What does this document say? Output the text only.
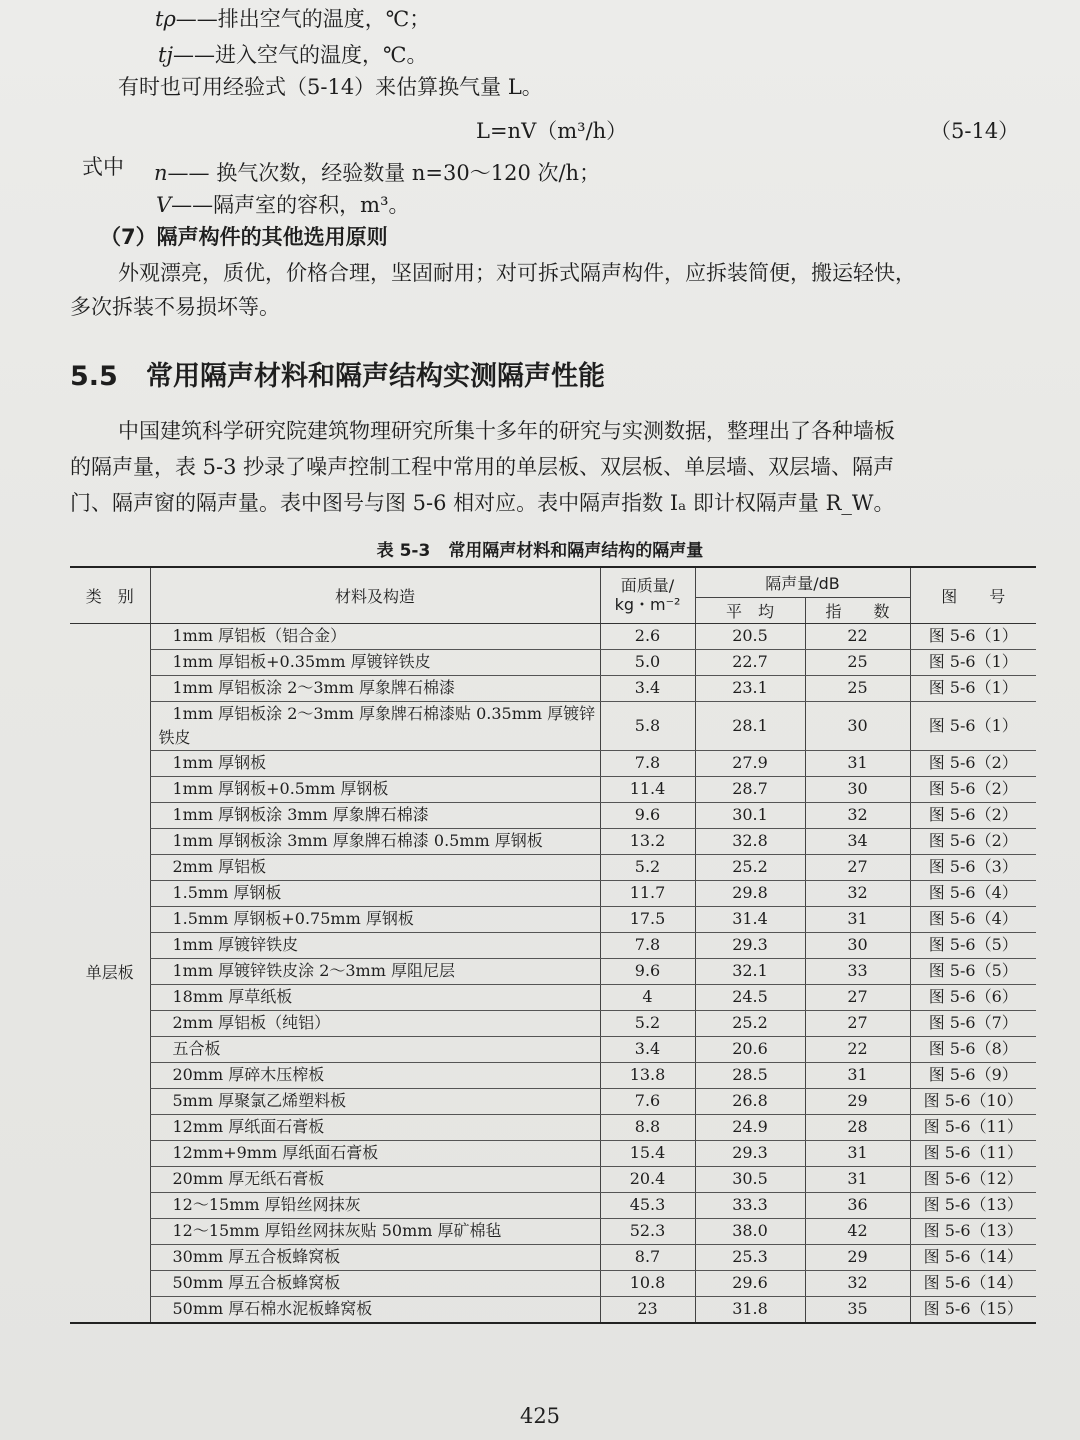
tρ——排出空气的温度，℃；
tj——进入空气的温度，℃。
有时也可用经验式（5-14）来估算换气量 L。
L=nV（m³/h）	（5-14）
式中 n—— 换气次数，经验数量 n=30～120 次/h；
V——隔声室的容积，m³。
（7）隔声构件的其他选用原则
外观漂亮，质优，价格合理，坚固耐用；对可拆式隔声构件，应拆装简便，搬运轻快，
多次拆装不易损坏等。
5.5 常用隔声材料和隔声结构实测隔声性能
中国建筑科学研究院建筑物理研究所集十多年的研究与实测数据，整理出了各种墙板
的隔声量，表 5-3 抄录了噪声控制工程中常用的单层板、双层板、单层墙、双层墙、隔声
门、隔声窗的隔声量。表中图号与图 5-6 相对应。表中隔声指数 Iₐ 即计权隔声量 R_W。
表 5-3 常用隔声材料和隔声结构的隔声量
类　别	材料及构造	面质量/
kg・m⁻²	隔声量/dB		图　　号
			平　均	指　　数	
单层板	1mm 厚铝板（铝合金）	2.6	20.5	22	图 5-6（1）
	1mm 厚铝板+0.35mm 厚镀锌铁皮	5.0	22.7	25	图 5-6（1）
	1mm 厚铝板涂 2～3mm 厚象牌石棉漆	3.4	23.1	25	图 5-6（1）
	1mm 厚铝板涂 2～3mm 厚象牌石棉漆贴 0.35mm 厚镀锌铁皮	5.8	28.1	30	图 5-6（1）
	1mm 厚钢板	7.8	27.9	31	图 5-6（2）
	1mm 厚钢板+0.5mm 厚钢板	11.4	28.7	30	图 5-6（2）
	1mm 厚钢板涂 3mm 厚象牌石棉漆	9.6	30.1	32	图 5-6（2）
	1mm 厚钢板涂 3mm 厚象牌石棉漆 0.5mm 厚钢板	13.2	32.8	34	图 5-6（2）
	2mm 厚铝板	5.2	25.2	27	图 5-6（3）
	1.5mm 厚钢板	11.7	29.8	32	图 5-6（4）
	1.5mm 厚钢板+0.75mm 厚钢板	17.5	31.4	31	图 5-6（4）
	1mm 厚镀锌铁皮	7.8	29.3	30	图 5-6（5）
	1mm 厚镀锌铁皮涂 2～3mm 厚阻尼层	9.6	32.1	33	图 5-6（5）
	18mm 厚草纸板	4	24.5	27	图 5-6（6）
	2mm 厚铝板（纯铝）	5.2	25.2	27	图 5-6（7）
	五合板	3.4	20.6	22	图 5-6（8）
	20mm 厚碎木压榨板	13.8	28.5	31	图 5-6（9）
	5mm 厚聚氯乙烯塑料板	7.6	26.8	29	图 5-6（10）
	12mm 厚纸面石膏板	8.8	24.9	28	图 5-6（11）
	12mm+9mm 厚纸面石膏板	15.4	29.3	31	图 5-6（11）
	20mm 厚无纸石膏板	20.4	30.5	31	图 5-6（12）
	12～15mm 厚铅丝网抹灰	45.3	33.3	36	图 5-6（13）
	12～15mm 厚铅丝网抹灰贴 50mm 厚矿棉毡	52.3	38.0	42	图 5-6（13）
	30mm 厚五合板蜂窝板	8.7	25.3	29	图 5-6（14）
	50mm 厚五合板蜂窝板	10.8	29.6	32	图 5-6（14）
	50mm 厚石棉水泥板蜂窝板	23	31.8	35	图 5-6（15）
425
